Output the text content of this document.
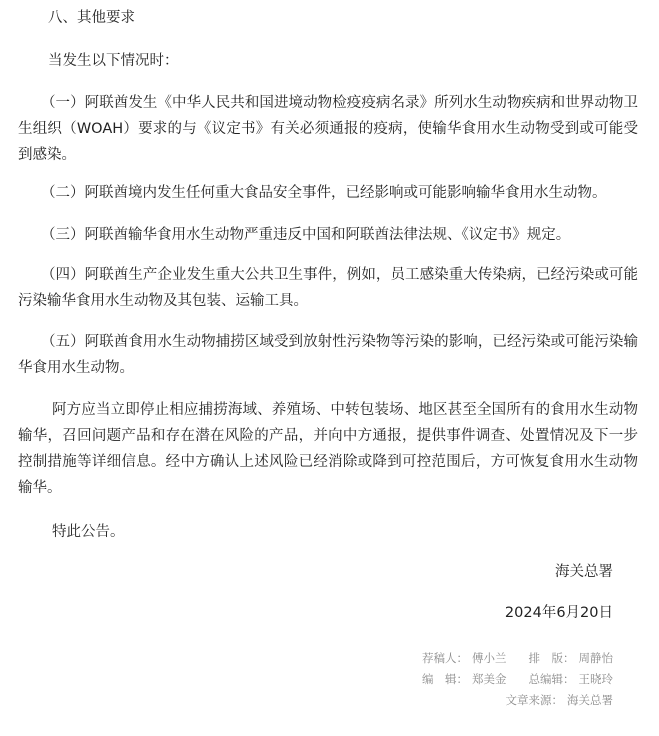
八、其他要求
当发生以下情况时：

（一）阿联酋发生《中华人民共和国进境动物检疫疫病名录》所列水生动物疾病和世界动物卫生组织（WOAH）要求的与《议定书》有关必须通报的疫病，使输华食用水生动物受到或可能受到感染。

（二）阿联酋境内发生任何重大食品安全事件，已经影响或可能影响输华食用水生动物。

（三）阿联酋输华食用水生动物严重违反中国和阿联酋法律法规、《议定书》规定。

（四）阿联酋生产企业发生重大公共卫生事件，例如，员工感染重大传染病，已经污染或可能污染输华食用水生动物及其包装、运输工具。

（五）阿联酋食用水生动物捕捞区域受到放射性污染物等污染的影响，已经污染或可能污染输华食用水生动物。

阿方应当立即停止相应捕捞海域、养殖场、中转包装场、地区甚至全国所有的食用水生动物输华，召回问题产品和存在潜在风险的产品，并向中方通报，提供事件调查、处置情况及下一步控制措施等详细信息。经中方确认上述风险已经消除或降到可控范围后，方可恢复食用水生动物输华。

特此公告。
海关总署
2024年6月20日
荐稿人： 傅小兰 排　版： 周静怡
编　辑： 郑美金 总编辑： 王晓玲
文章来源： 海关总署
